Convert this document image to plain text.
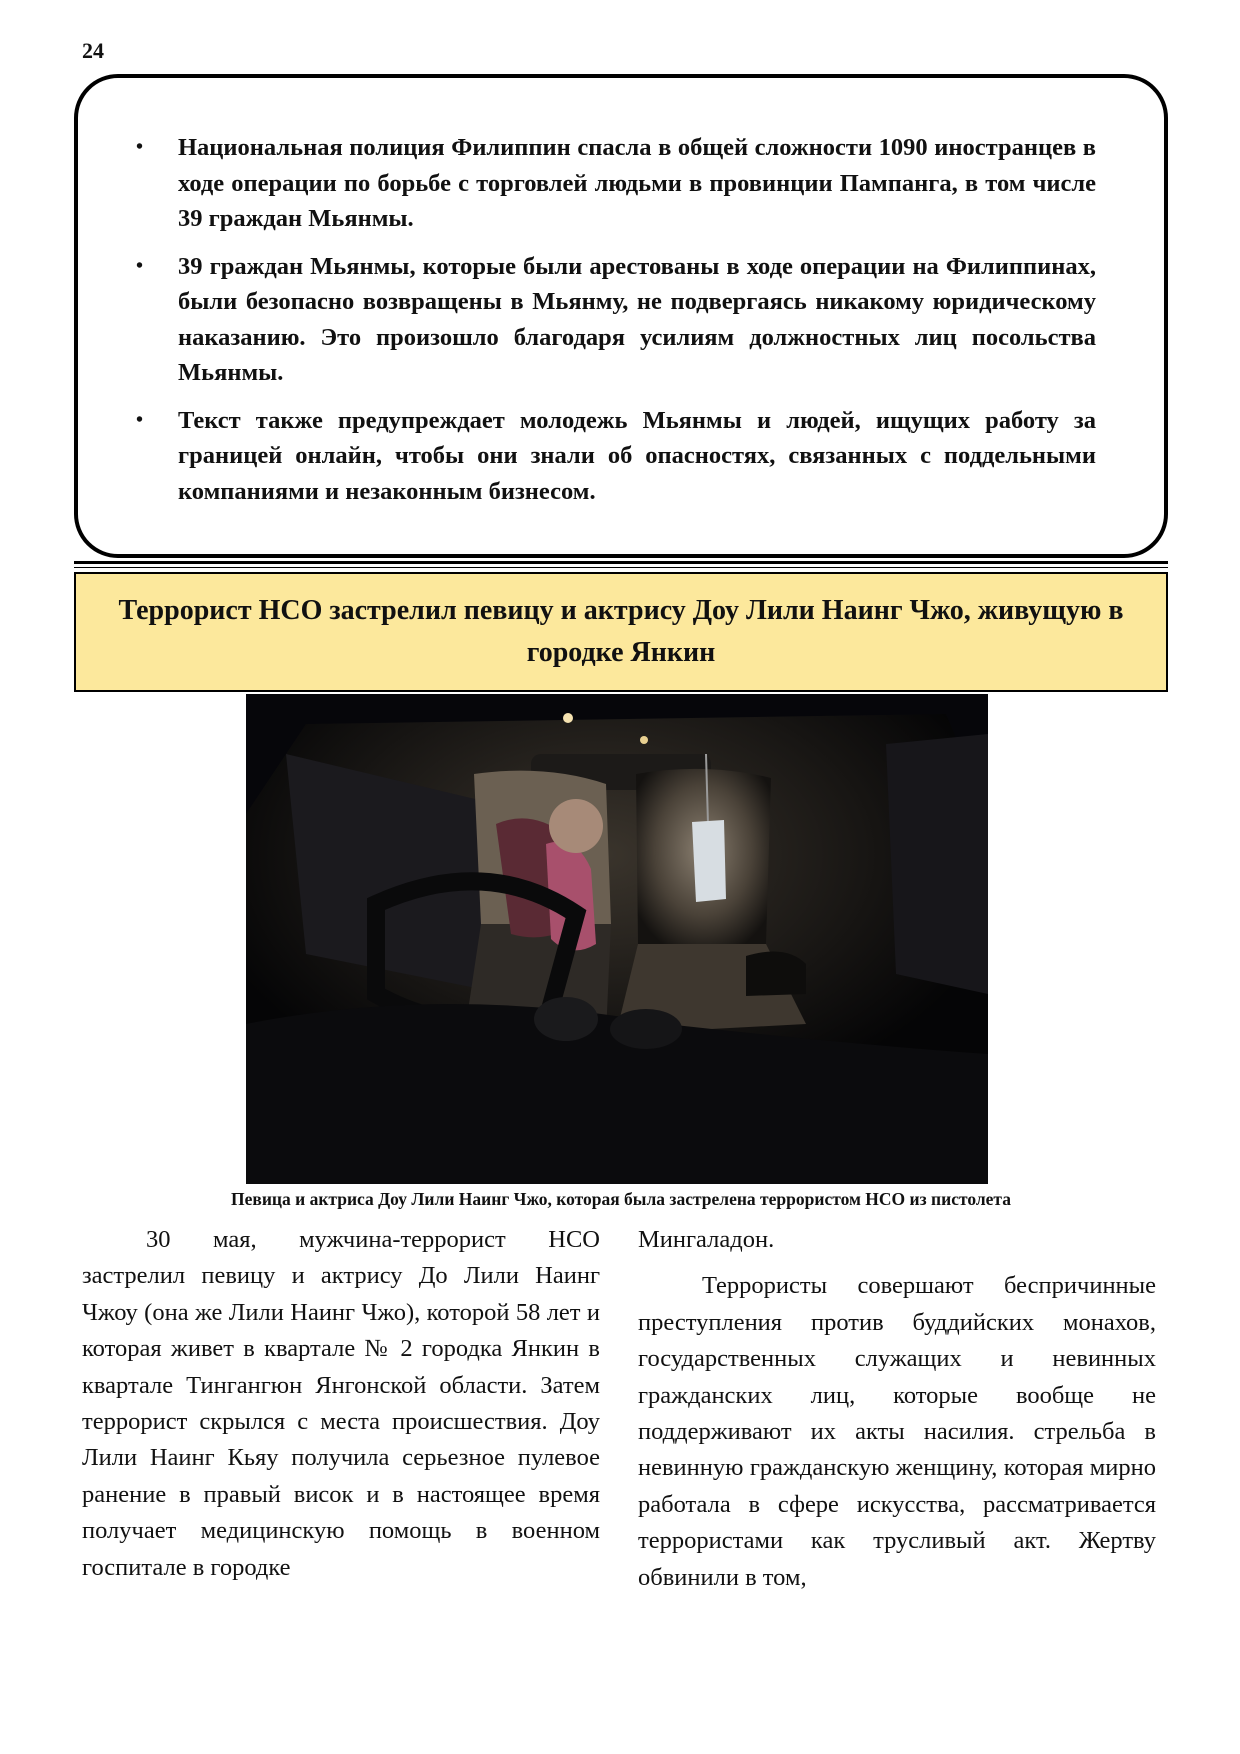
24
• Национальная полиция Филиппин спасла в общей сложности 1090 иностранцев в ходе операции по борьбе с торговлей людьми в провинции Пампанга, в том числе 39 граждан Мьянмы.
• 39 граждан Мьянмы, которые были арестованы в ходе операции на Филиппинах, были безопасно возвращены в Мьянму, не подвергаясь никакому юридическому наказанию. Это произошло благодаря усилиям должностных лиц посольства Мьянмы.
• Текст также предупреждает молодежь Мьянмы и людей, ищущих работу за границей онлайн, чтобы они знали об опасностях, связанных с поддельными компаниями и незаконным бизнесом.
Террорист НСО застрелил певицу и актрису Доу Лили Наинг Чжо, живущую в городке Янкин
Певица и актриса Доу Лили Наинг Чжо, которая была застрелена террористом НСО из пистолета

30 мая, мужчина-террорист НСО застрелил певицу и актрису До Лили Наинг Чжоу (она же Лили Наинг Чжо), которой 58 лет и которая живет в квартале № 2 городка Янкин в квартале Тингангюн Янгонской области. Затем террорист скрылся с места происшествия. Доу Лили Наинг Кьяу получила серьезное пулевое ранение в правый висок и в настоящее время получает медицинскую помощь в военном госпитале в городке

Мингаладон.

Террористы совершают беспричинные преступления против буддийских монахов, государственных служащих и невинных гражданских лиц, которые вообще не поддерживают их акты насилия. стрельба в невинную гражданскую женщину, которая мирно работала в сфере искусства, рассматривается террористами как трусливый акт. Жертву обвинили в том,
